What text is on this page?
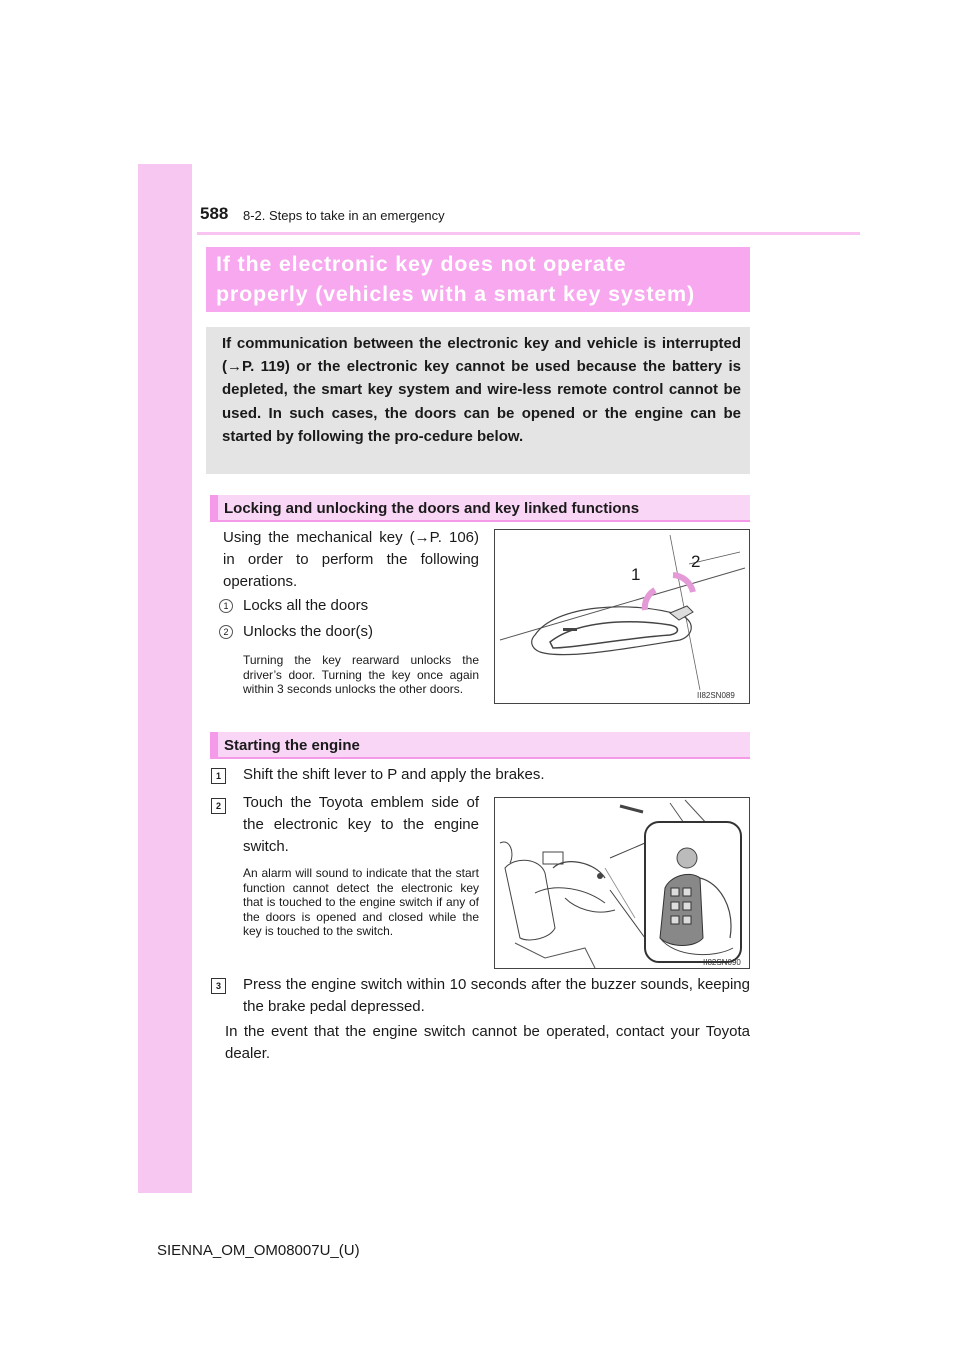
588 8-2. Steps to take in an emergency
If the electronic key does not operate
properly (vehicles with a smart key system)
If communication between the electronic key and vehicle is interrupted (→P. 119) or the electronic key cannot be used because the battery is depleted, the smart key system and wire-less remote control cannot be used. In such cases, the doors can be opened or the engine can be started by following the pro-cedure below.
Locking and unlocking the doors and key linked functions
Using the mechanical key (→P. 106) in order to perform the following operations.
1 Locks all the doors
2 Unlocks the door(s)
Turning the key rearward unlocks the driver’s door. Turning the key once again within 3 seconds unlocks the other doors.
1
2
II82SN089
Starting the engine
1	Shift the shift lever to P and apply the brakes.
2	Touch the Toyota emblem side of the electronic key to the engine switch.
An alarm will sound to indicate that the start function cannot detect the electronic key that is touched to the engine switch if any of the doors is opened and closed while the key is touched to the switch.
II82SN090
3	Press the engine switch within 10 seconds after the buzzer sounds, keeping the brake pedal depressed.
In the event that the engine switch cannot be operated, contact your Toyota dealer.
SIENNA_OM_OM08007U_(U)
